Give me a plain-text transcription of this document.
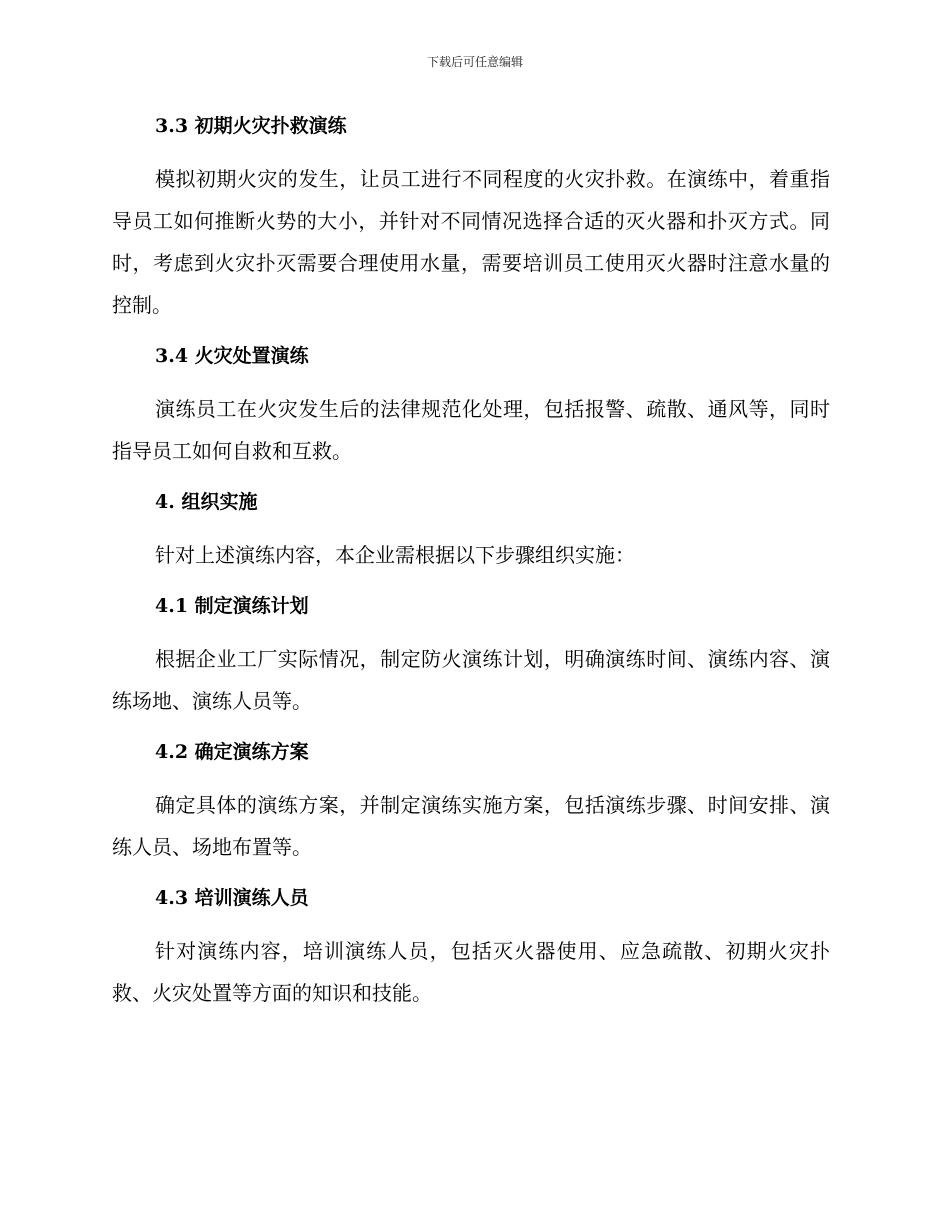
下载后可任意编辑
3.3 初期火灾扑救演练

模拟初期火灾的发生，让员工进行不同程度的火灾扑救。在演练中，着重指导员工如何推断火势的大小，并针对不同情况选择合适的灭火器和扑灭方式。同时，考虑到火灾扑灭需要合理使用水量，需要培训员工使用灭火器时注意水量的控制。

3.4 火灾处置演练

演练员工在火灾发生后的法律规范化处理，包括报警、疏散、通风等，同时指导员工如何自救和互救。

4. 组织实施

针对上述演练内容，本企业需根据以下步骤组织实施：

4.1 制定演练计划

根据企业工厂实际情况，制定防火演练计划，明确演练时间、演练内容、演练场地、演练人员等。

4.2 确定演练方案

确定具体的演练方案，并制定演练实施方案，包括演练步骤、时间安排、演练人员、场地布置等。

4.3 培训演练人员

针对演练内容，培训演练人员，包括灭火器使用、应急疏散、初期火灾扑救、火灾处置等方面的知识和技能。
